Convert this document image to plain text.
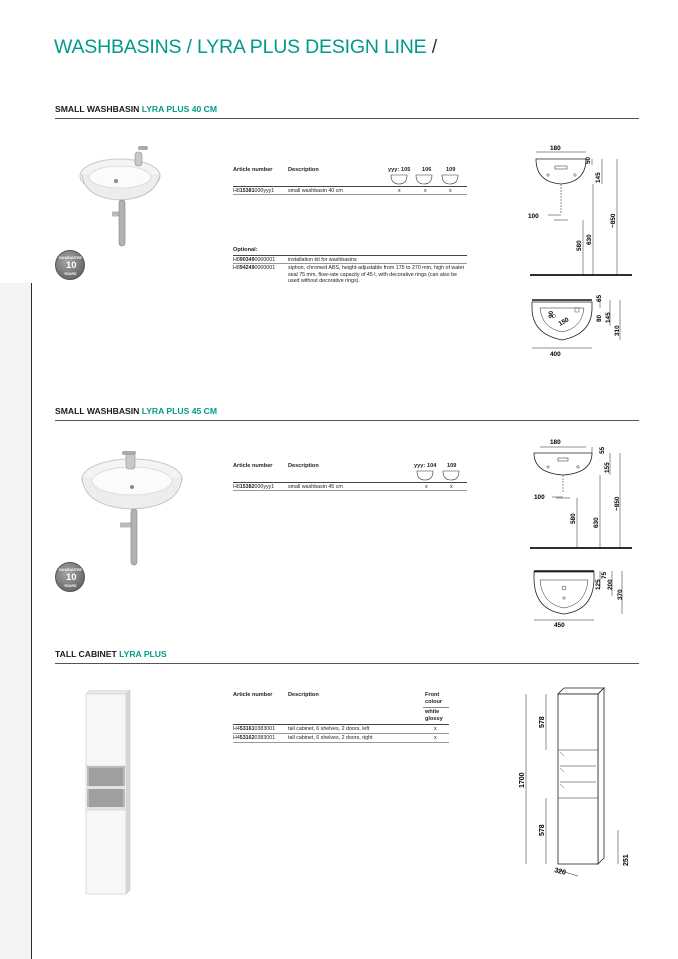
WASHBASINS / LYRA PLUS DESIGN LINE /
SMALL WASHBASIN LYRA PLUS 40 CM
GUARANTEE
10
YEARS
Article number	Description	yyy: 105 106	109
H815381000yyy1	small washbasin 40 cm	x	x	x
Optional:
H8903490000001 installation kit for washbasins
H8942490000001 siphon, chromed ABS, height-adjustable from 175 to 270 mm, high of water seal 75 mm, flow-rate capacity of 45 l, with decorative rings (can also be used without decorative rings).
180
50
145
~850
580
630
100
90
150
65
80 145
310
400
SMALL WASHBASIN LYRA PLUS 45 CM
GUARANTEE
10
YEARS
Article number	Description	yyy: 104 109
H815382000yyy1	small washbasin 45 cm	x	x
180
55
155
~850
580	630
100
125
75
200
370
450
TALL CABINET LYRA PLUS
Article number	Description	Front colour
white glossy
H4531610383001 tall cabinet, 6 shelves, 2 doors, left	x
H4531620383001 tall cabinet, 6 shelves, 2 doors, right	x
578
578
1700
320
251
